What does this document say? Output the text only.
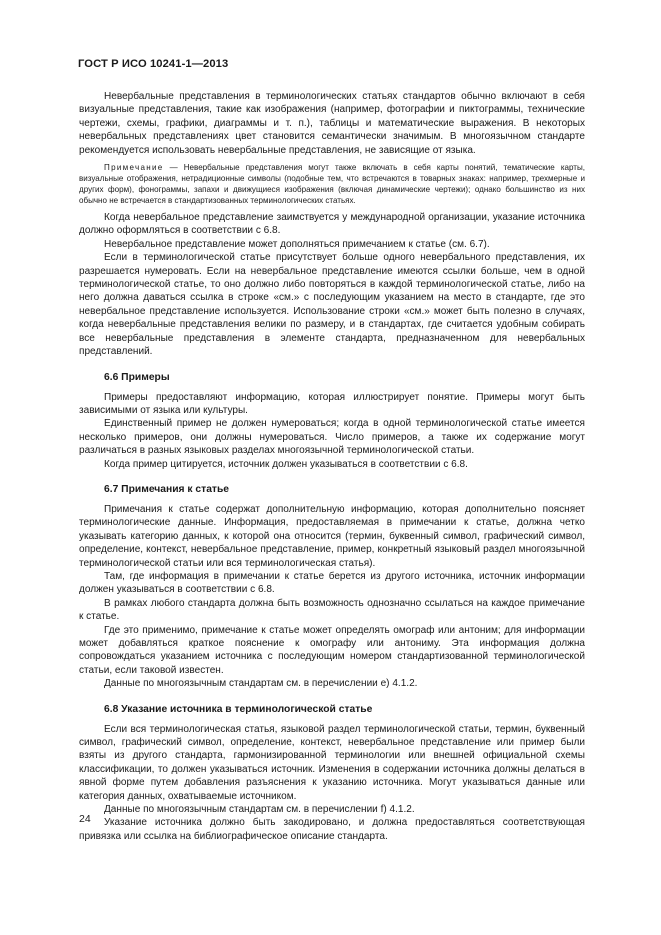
ГОСТ Р ИСО 10241-1—2013

Невербальные представления в терминологических статьях стандартов обычно включают в себя визуальные представления, такие как изображения (например, фотографии и пиктограммы, технические чертежи, схемы, графики, диаграммы и т. п.), таблицы и математические выражения. В некоторых невербальных представлениях цвет становится семантически значимым. В многоязычном стандарте рекомендуется использовать невербальные представления, не зависящие от языка.

Примечание — Невербальные представления могут также включать в себя карты понятий, тематические карты, визуальные отображения, нетрадиционные символы (подобные тем, что встречаются в товарных знаках: например, трехмерные и других форм), фонограммы, запахи и движущиеся изображения (включая динамические чертежи); однако большинство из них обычно не встречается в стандартизованных терминологических статьях.

Когда невербальное представление заимствуется у международной организации, указание источника должно оформляться в соответствии с 6.8.

Невербальное представление может дополняться примечанием к статье (см. 6.7).

Если в терминологической статье присутствует больше одного невербального представления, их разрешается нумеровать. Если на невербальное представление имеются ссылки больше, чем в одной терминологической статье, то оно должно либо повторяться в каждой терминологической статье, либо на него должна даваться ссылка в строке «см.» с последующим указанием на место в стандарте, где это невербальное представление используется. Использование строки «см.» может быть полезно в случаях, когда невербальные представления велики по размеру, и в стандартах, где считается удобным собирать все невербальные представления в элементе стандарта, предназначенном для невербальных представлений.

6.6 Примеры

Примеры предоставляют информацию, которая иллюстрирует понятие. Примеры могут быть зависимыми от языка или культуры.

Единственный пример не должен нумероваться; когда в одной терминологической статье имеется несколько примеров, они должны нумероваться. Число примеров, а также их содержание могут различаться в разных языковых разделах многоязычной терминологической статьи.

Когда пример цитируется, источник должен указываться в соответствии с 6.8.

6.7 Примечания к статье

Примечания к статье содержат дополнительную информацию, которая дополнительно поясняет терминологические данные. Информация, предоставляемая в примечании к статье, должна четко указывать категорию данных, к которой она относится (термин, буквенный символ, графический символ, определение, контекст, невербальное представление, пример, конкретный языковый раздел многоязычной терминологической статьи или вся терминологическая статья).

Там, где информация в примечании к статье берется из другого источника, источник информации должен указываться в соответствии с 6.8.

В рамках любого стандарта должна быть возможность однозначно ссылаться на каждое примечание к статье.

Где это применимо, примечание к статье может определять омограф или антоним; для информации может добавляться краткое пояснение к омографу или антониму. Эта информация должна сопровождаться указанием источника с последующим номером стандартизованной терминологической статьи, если таковой известен.

Данные по многоязычным стандартам см. в перечислении е) 4.1.2.

6.8 Указание источника в терминологической статье

Если вся терминологическая статья, языковой раздел терминологической статьи, термин, буквенный символ, графический символ, определение, контекст, невербальное представление или пример были взяты из другого стандарта, гармонизированной терминологии или внешней официальной схемы классификации, то должен указываться источник. Изменения в содержании источника должны делаться в явной форме путем добавления разъяснения к указанию источника. Могут указываться данные или категория данных, охватываемые источником.

Данные по многоязычным стандартам см. в перечислении f) 4.1.2.

Указание источника должно быть закодировано, и должна предоставляться соответствующая привязка или ссылка на библиографическое описание стандарта.

24
